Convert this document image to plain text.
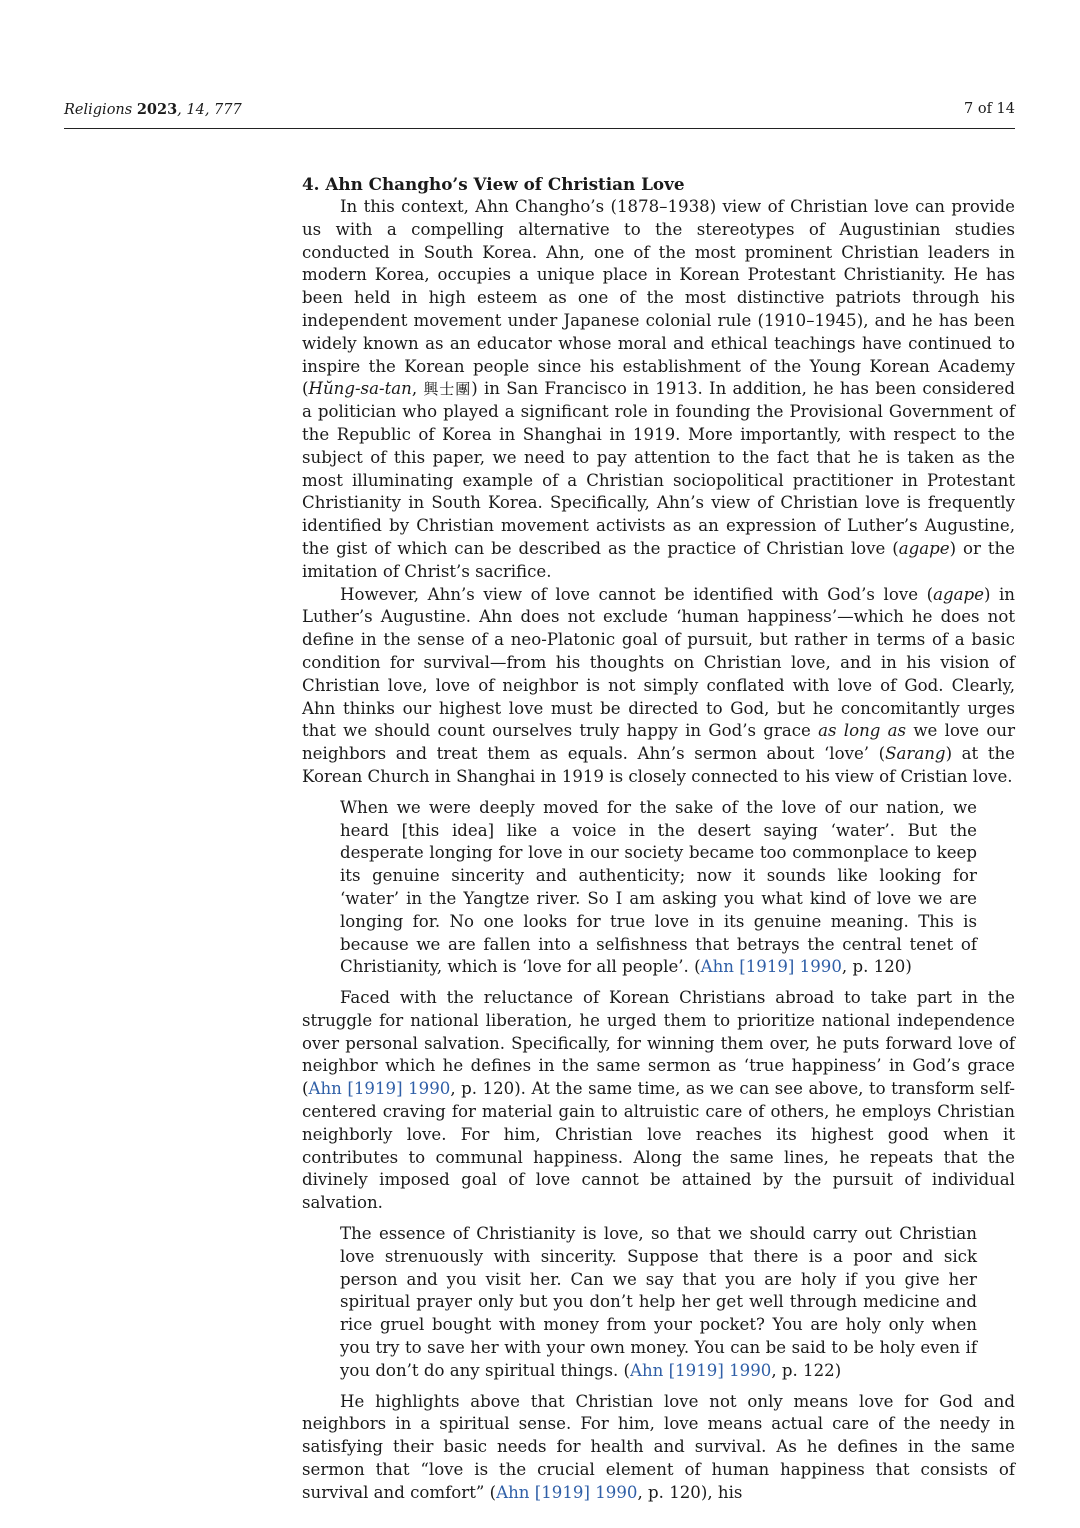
Religions 2023, 14, 777	7 of 14
4. Ahn Changho’s View of Christian Love

In this context, Ahn Changho’s (1878–1938) view of Christian love can provide us with a compelling alternative to the stereotypes of Augustinian studies conducted in South Korea. Ahn, one of the most prominent Christian leaders in modern Korea, occupies a unique place in Korean Protestant Christianity. He has been held in high esteem as one of the most distinctive patriots through his independent movement under Japanese colonial rule (1910–1945), and he has been widely known as an educator whose moral and ethical teachings have continued to inspire the Korean people since his establishment of the Young Korean Academy (Hŭng-sa-tan, 興士團) in San Francisco in 1913. In addition, he has been considered a politician who played a significant role in founding the Provisional Government of the Republic of Korea in Shanghai in 1919. More importantly, with respect to the subject of this paper, we need to pay attention to the fact that he is taken as the most illuminating example of a Christian sociopolitical practitioner in Protestant Christianity in South Korea. Specifically, Ahn’s view of Christian love is frequently identified by Christian movement activists as an expression of Luther’s Augustine, the gist of which can be described as the practice of Christian love (agape) or the imitation of Christ’s sacrifice.

However, Ahn’s view of love cannot be identified with God’s love (agape) in Luther’s Augustine. Ahn does not exclude ‘human happiness’—which he does not define in the sense of a neo-Platonic goal of pursuit, but rather in terms of a basic condition for survival—from his thoughts on Christian love, and in his vision of Christian love, love of neighbor is not simply conflated with love of God. Clearly, Ahn thinks our highest love must be directed to God, but he concomitantly urges that we should count ourselves truly happy in God’s grace as long as we love our neighbors and treat them as equals. Ahn’s sermon about ‘love’ (Sarang) at the Korean Church in Shanghai in 1919 is closely connected to his view of Cristian love.

When we were deeply moved for the sake of the love of our nation, we heard [this idea] like a voice in the desert saying ‘water’. But the desperate longing for love in our society became too commonplace to keep its genuine sincerity and authenticity; now it sounds like looking for ‘water’ in the Yangtze river. So I am asking you what kind of love we are longing for. No one looks for true love in its genuine meaning. This is because we are fallen into a selfishness that betrays the central tenet of Christianity, which is ‘love for all people’. (Ahn [1919] 1990, p. 120)

Faced with the reluctance of Korean Christians abroad to take part in the struggle for national liberation, he urged them to prioritize national independence over personal salvation. Specifically, for winning them over, he puts forward love of neighbor which he defines in the same sermon as ‘true happiness’ in God’s grace (Ahn [1919] 1990, p. 120). At the same time, as we can see above, to transform self-centered craving for material gain to altruistic care of others, he employs Christian neighborly love. For him, Christian love reaches its highest good when it contributes to communal happiness. Along the same lines, he repeats that the divinely imposed goal of love cannot be attained by the pursuit of individual salvation.

The essence of Christianity is love, so that we should carry out Christian love strenuously with sincerity. Suppose that there is a poor and sick person and you visit her. Can we say that you are holy if you give her spiritual prayer only but you don’t help her get well through medicine and rice gruel bought with money from your pocket? You are holy only when you try to save her with your own money. You can be said to be holy even if you don’t do any spiritual things. (Ahn [1919] 1990, p. 122)

He highlights above that Christian love not only means love for God and neighbors in a spiritual sense. For him, love means actual care of the needy in satisfying their basic needs for health and survival. As he defines in the same sermon that “love is the crucial element of human happiness that consists of survival and comfort” (Ahn [1919] 1990, p. 120), his
